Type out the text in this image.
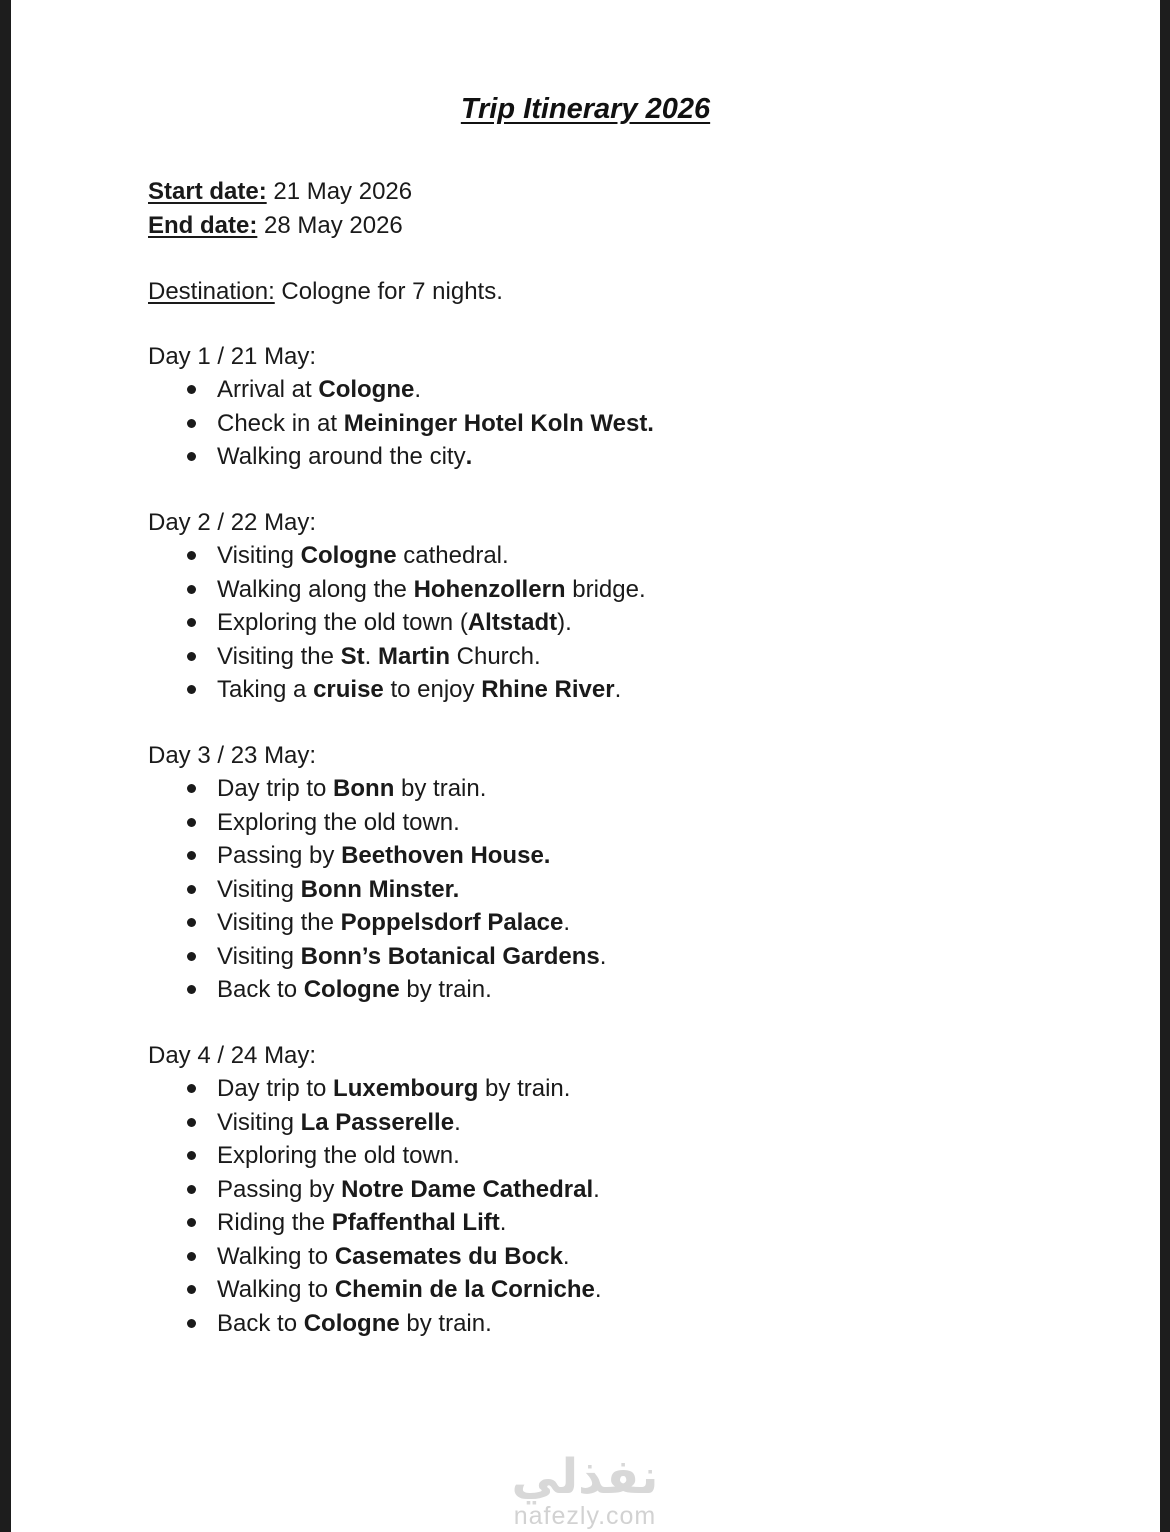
Trip Itinerary 2026

Start date: 21 May 2026

End date: 28 May 2026

Destination: Cologne for 7 nights.

Day 1 / 21 May:
Arrival at Cologne.
Check in at Meininger Hotel Koln West.
Walking around the city.
Day 2 / 22 May:
Visiting Cologne cathedral.
Walking along the Hohenzollern bridge.
Exploring the old town (Altstadt).
Visiting the St. Martin Church.
Taking a cruise to enjoy Rhine River.
Day 3 / 23 May:
Day trip to Bonn by train.
Exploring the old town.
Passing by Beethoven House.
Visiting Bonn Minster.
Visiting the Poppelsdorf Palace.
Visiting Bonn’s Botanical Gardens.
Back to Cologne by train.
Day 4 / 24 May:
Day trip to Luxembourg by train.
Visiting La Passerelle.
Exploring the old town.
Passing by Notre Dame Cathedral.
Riding the Pfaffenthal Lift.
Walking to Casemates du Bock.
Walking to Chemin de la Corniche.
Back to Cologne by train.
نفذلي
nafezly.com
